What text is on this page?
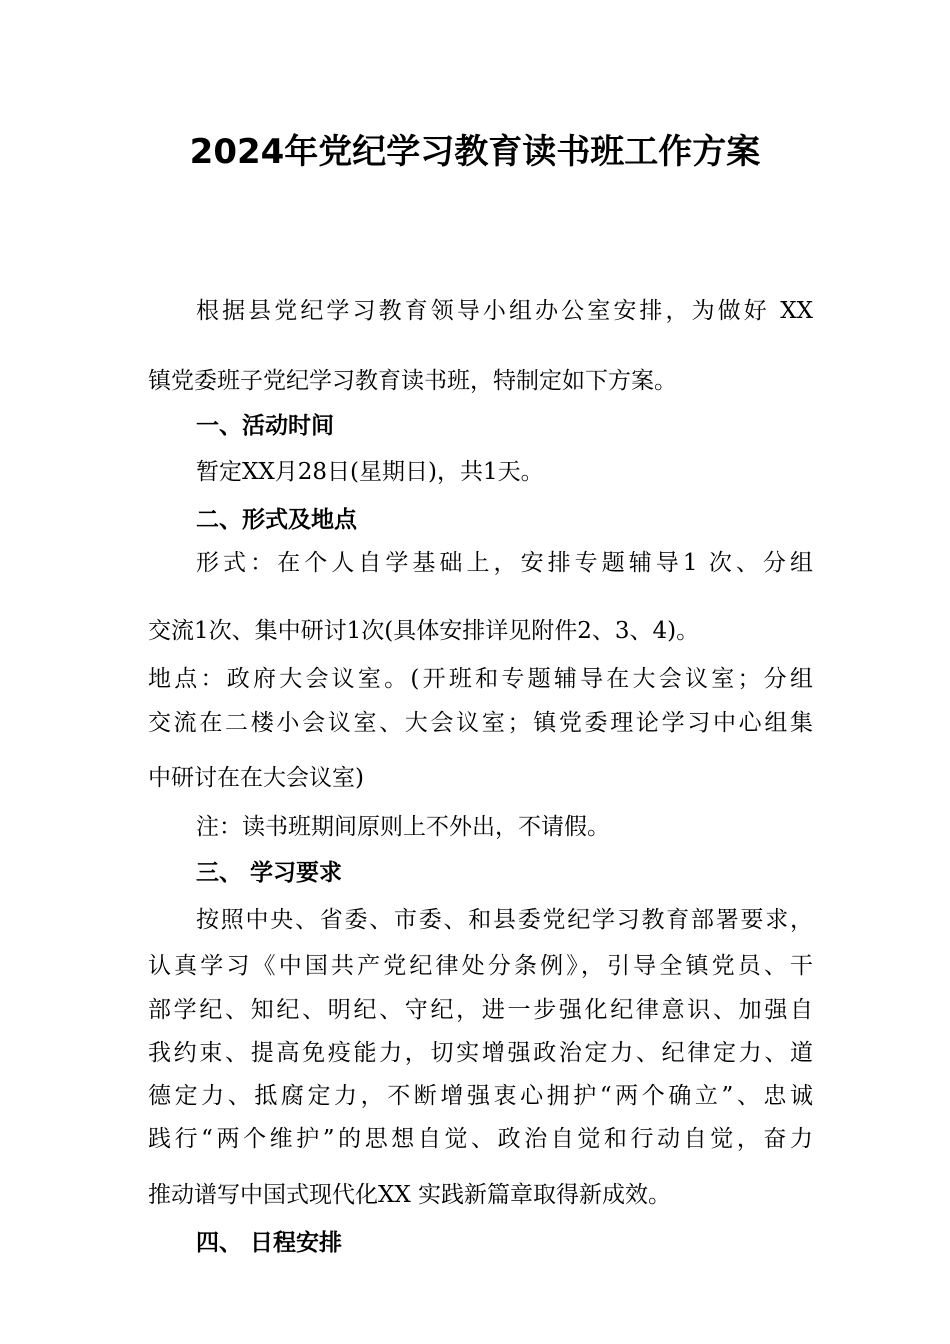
2024年党纪学习教育读书班工作方案
根据县党纪学习教育领导小组办公室安排，为做好 XX
镇党委班子党纪学习教育读书班，特制定如下方案。
一、活动时间
暂定XX月28日(星期日)，共1天。
二、形式及地点
形式：在个人自学基础上，安排专题辅导1 次、分组
交流1次、集中研讨1次(具体安排详见附件2、3、4)。
地点：政府大会议室。(开班和专题辅导在大会议室；分组
交流在二楼小会议室、大会议室；镇党委理论学习中心组集
中研讨在在大会议室)
注：读书班期间原则上不外出，不请假。
三、 学习要求
按照中央、省委、市委、和县委党纪学习教育部署要求，
认真学习《中国共产党纪律处分条例》，引导全镇党员、干
部学纪、知纪、明纪、守纪，进一步强化纪律意识、加强自
我约束、提高免疫能力，切实增强政治定力、纪律定力、道
德定力、抵腐定力，不断增强衷心拥护“两个确立”、忠诚
践行“两个维护”的思想自觉、政治自觉和行动自觉，奋力
推动谱写中国式现代化XX 实践新篇章取得新成效。
四、 日程安排
